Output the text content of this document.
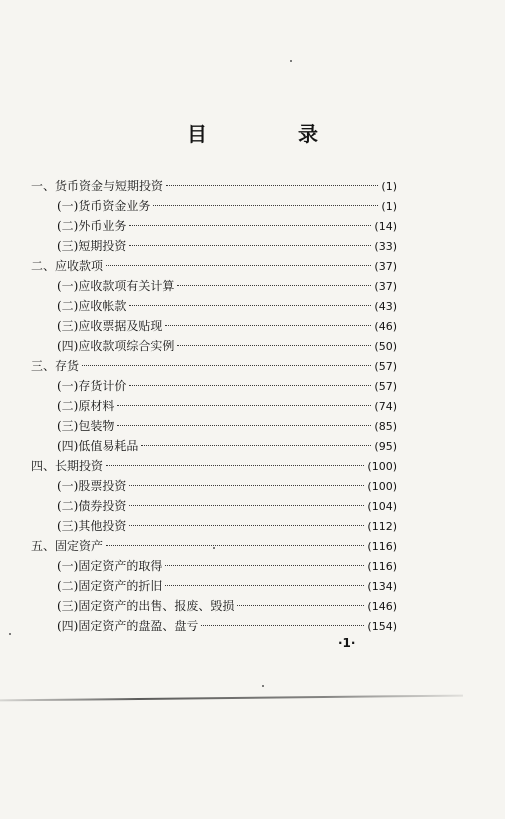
目 录
一、货币资金与短期投资	(1)
(一)货币资金业务	(1)
(二)外币业务	(14)
(三)短期投资	(33)
二、应收款项	(37)
(一)应收款项有关计算	(37)
(二)应收帐款	(43)
(三)应收票据及贴现	(46)
(四)应收款项综合实例	(50)
三、存货	(57)
(一)存货计价	(57)
(二)原材料	(74)
(三)包装物	(85)
(四)低值易耗品	(95)
四、长期投资	(100)
(一)股票投资	(100)
(二)债券投资	(104)
(三)其他投资	(112)
五、固定资产	(116)
(一)固定资产的取得	(116)
(二)固定资产的折旧	(134)
(三)固定资产的出售、报废、毁损	(146)
(四)固定资产的盘盈、盘亏	(154)
·1·
